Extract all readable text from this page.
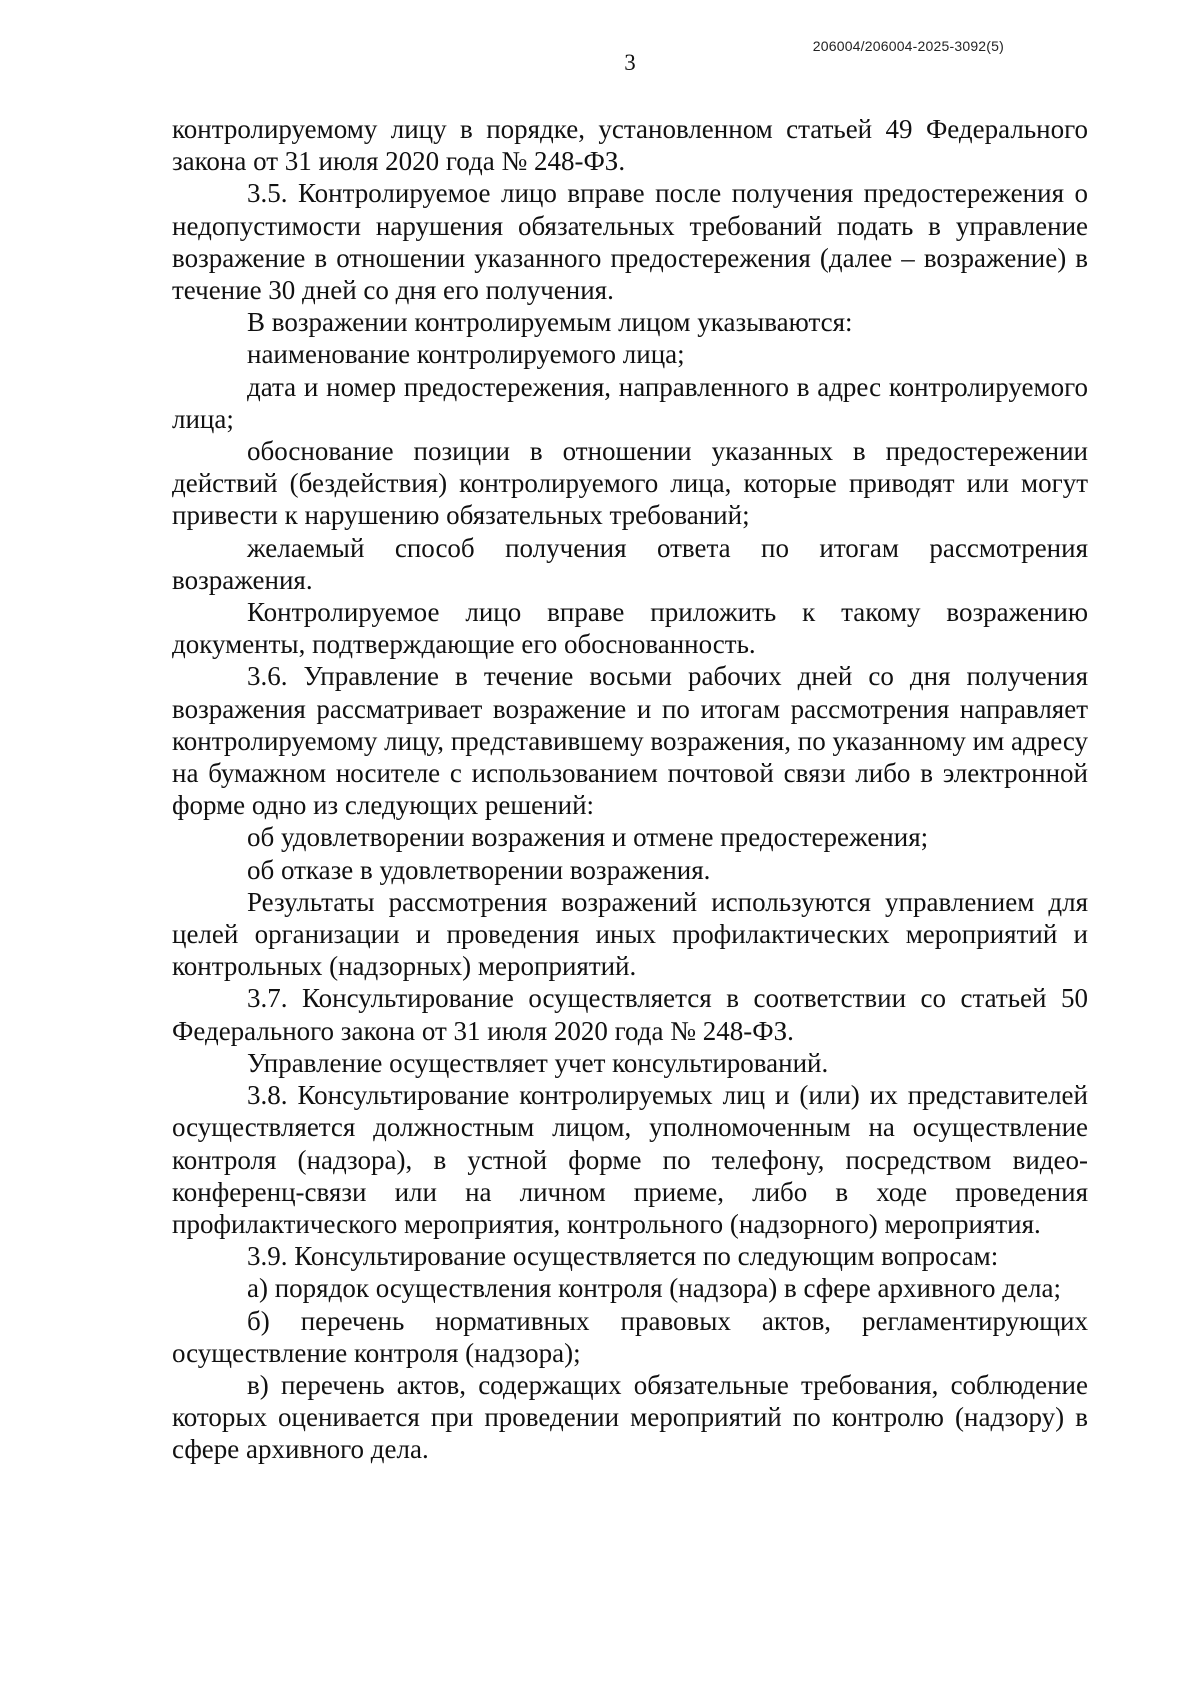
206004/206004-2025-3092(5)
3

контролируемому лицу в порядке, установленном статьей 49 Федерального закона от 31 июля 2020 года № 248-ФЗ.

3.5. Контролируемое лицо вправе после получения предостережения о недопустимости нарушения обязательных требований подать в управление возражение в отношении указанного предостережения (далее – возражение) в течение 30 дней со дня его получения.

В возражении контролируемым лицом указываются:

наименование контролируемого лица;

дата и номер предостережения, направленного в адрес контролируемого лица;

обоснование позиции в отношении указанных в предостережении действий (бездействия) контролируемого лица, которые приводят или могут привести к нарушению обязательных требований;

желаемый способ получения ответа по итогам рассмотрения возражения.

Контролируемое лицо вправе приложить к такому возражению документы, подтверждающие его обоснованность.

3.6. Управление в течение восьми рабочих дней со дня получения возражения рассматривает возражение и по итогам рассмотрения направляет контролируемому лицу, представившему возражения, по указанному им адресу на бумажном носителе с использованием почтовой связи либо в электронной форме одно из следующих решений:

об удовлетворении возражения и отмене предостережения;

об отказе в удовлетворении возражения.

Результаты рассмотрения возражений используются управлением для целей организации и проведения иных профилактических мероприятий и контрольных (надзорных) мероприятий.

3.7. Консультирование осуществляется в соответствии со статьей 50 Федерального закона от 31 июля 2020 года № 248-ФЗ.

Управление осуществляет учет консультирований.

3.8. Консультирование контролируемых лиц и (или) их представителей осуществляется должностным лицом, уполномоченным на осуществление контроля (надзора), в устной форме по телефону, посредством видео-конференц-связи или на личном приеме, либо в ходе проведения профилактического мероприятия, контрольного (надзорного) мероприятия.

3.9. Консультирование осуществляется по следующим вопросам:

а) порядок осуществления контроля (надзора) в сфере архивного дела;

б) перечень нормативных правовых актов, регламентирующих осуществление контроля (надзора);

в) перечень актов, содержащих обязательные требования, соблюдение которых оценивается при проведении мероприятий по контролю (надзору) в сфере архивного дела.
